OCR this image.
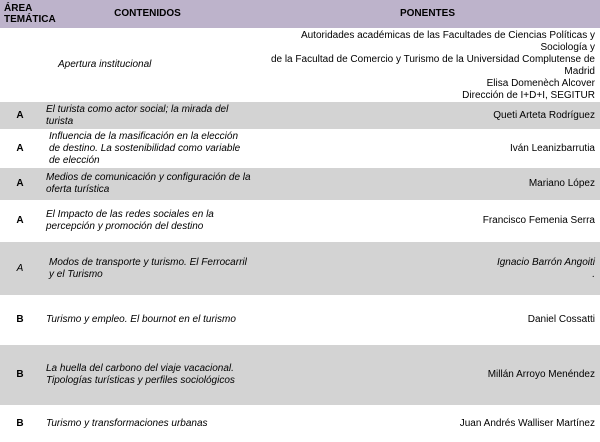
ÁREA TEMÁTICA	CONTENIDOS	PONENTES
	Apertura institucional	Autoridades académicas de las Facultades de Ciencias Políticas y Sociología y
de la Facultad de Comercio y Turismo de la Universidad Complutense de
Madrid
Elisa Domenèch Alcover
Dirección de I+D+I, SEGITUR

A	El turista como actor social; la mirada del turista	Queti Arteta Rodríguez
A	Influencia de la masificación en la elección de destino. La sostenibilidad como variable de elección	Iván Leanizbarrutia
A	Medios de comunicación y configuración de la oferta turística	Mariano López
A	El Impacto de las redes sociales en la percepción y promoción del destino	Francisco Femenia Serra
A	Modos de transporte y turismo. El Ferrocarril y el Turismo	Ignacio Barrón Angoiti
.

B	Turismo y empleo. El bournot en el turismo	Daniel Cossatti
B	La huella del carbono del viaje vacacional. Tipologías turísticas y perfiles sociológicos	Millán Arroyo Menéndez
B	Turismo y transformaciones urbanas	Juan Andrés Walliser Martínez
